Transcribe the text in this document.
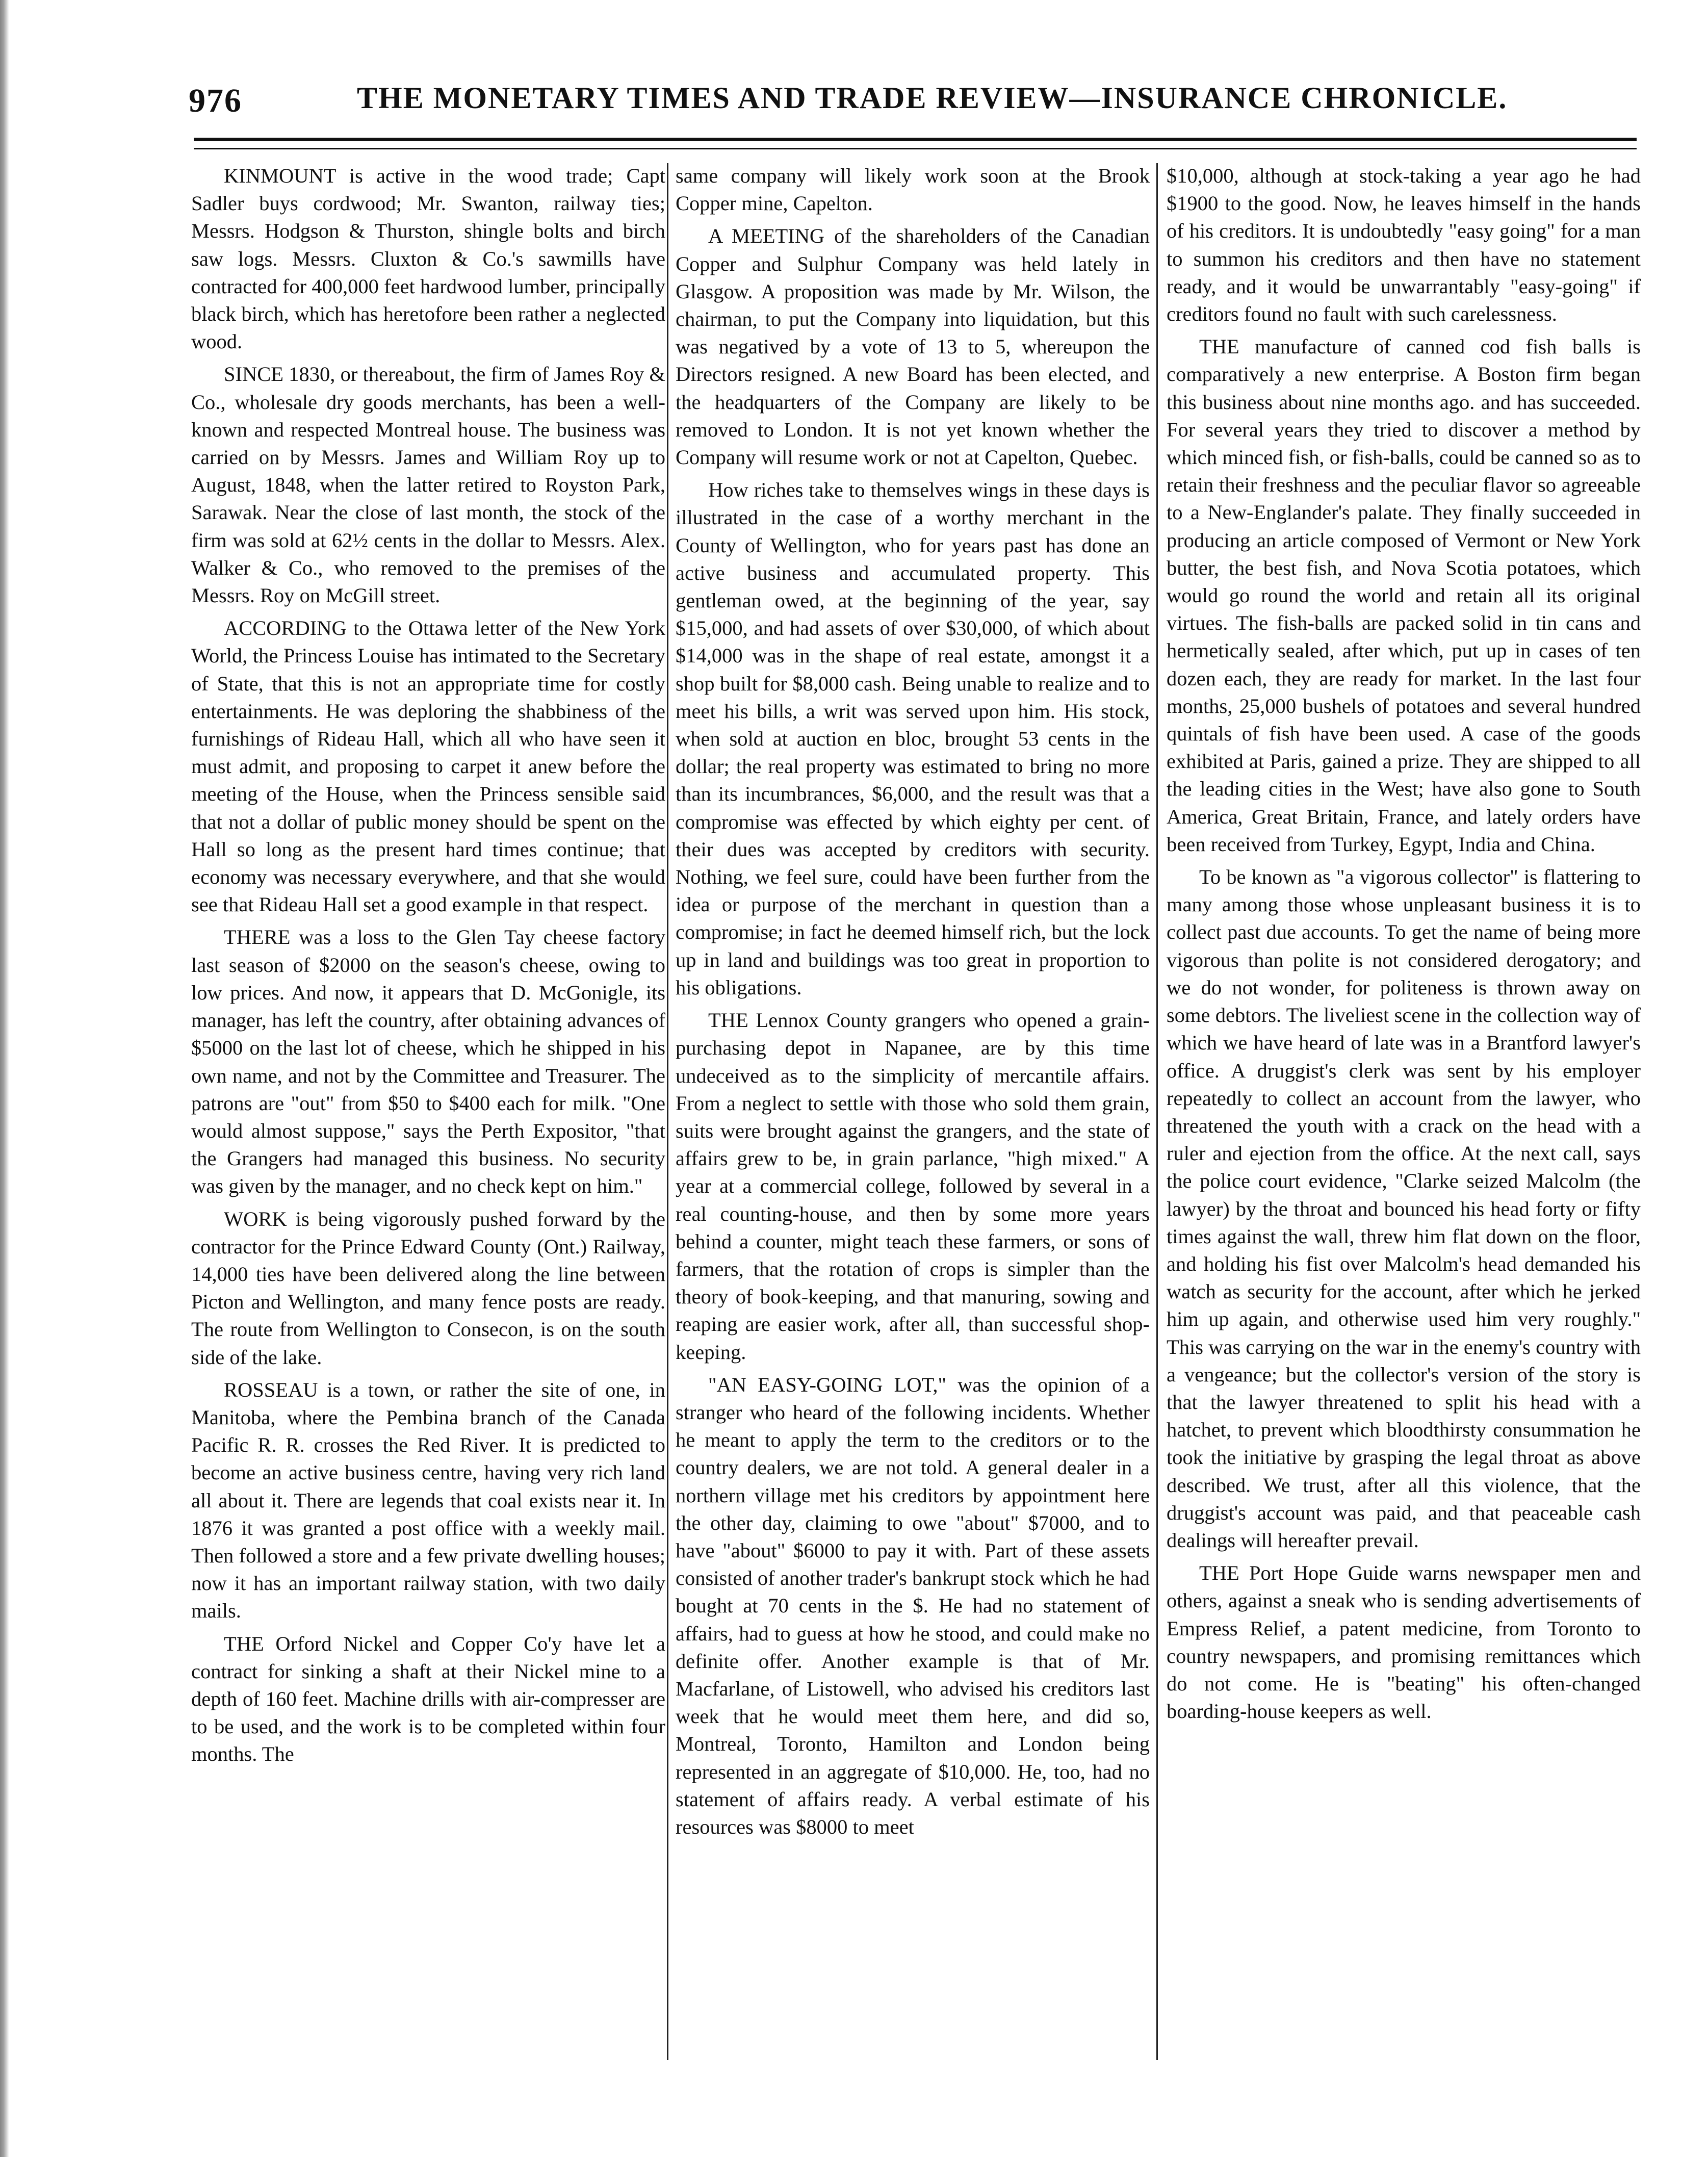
976	THE MONETARY TIMES AND TRADE REVIEW—INSURANCE CHRONICLE.

KINMOUNT is active in the wood trade; Capt Sadler buys cordwood; Mr. Swanton, railway ties; Messrs. Hodgson & Thurston, shingle bolts and birch saw logs. Messrs. Cluxton & Co.'s sawmills have contracted for 400,000 feet hardwood lumber, principally black birch, which has heretofore been rather a neglected wood.

SINCE 1830, or thereabout, the firm of James Roy & Co., wholesale dry goods merchants, has been a well-known and respected Montreal house. The business was carried on by Messrs. James and William Roy up to August, 1848, when the latter retired to Royston Park, Sarawak. Near the close of last month, the stock of the firm was sold at 62½ cents in the dollar to Messrs. Alex. Walker & Co., who removed to the premises of the Messrs. Roy on McGill street.

ACCORDING to the Ottawa letter of the New York World, the Princess Louise has intimated to the Secretary of State, that this is not an appropriate time for costly entertainments. He was deploring the shabbiness of the furnishings of Rideau Hall, which all who have seen it must admit, and proposing to carpet it anew before the meeting of the House, when the Princess sensible said that not a dollar of public money should be spent on the Hall so long as the present hard times continue; that economy was necessary everywhere, and that she would see that Rideau Hall set a good example in that respect.

THERE was a loss to the Glen Tay cheese factory last season of $2000 on the season's cheese, owing to low prices. And now, it appears that D. McGonigle, its manager, has left the country, after obtaining advances of $5000 on the last lot of cheese, which he shipped in his own name, and not by the Committee and Treasurer. The patrons are "out" from $50 to $400 each for milk. "One would almost suppose," says the Perth Expositor, "that the Grangers had managed this business. No security was given by the manager, and no check kept on him."

WORK is being vigorously pushed forward by the contractor for the Prince Edward County (Ont.) Railway, 14,000 ties have been delivered along the line between Picton and Wellington, and many fence posts are ready. The route from Wellington to Consecon, is on the south side of the lake.

ROSSEAU is a town, or rather the site of one, in Manitoba, where the Pembina branch of the Canada Pacific R. R. crosses the Red River. It is predicted to become an active business centre, having very rich land all about it. There are legends that coal exists near it. In 1876 it was granted a post office with a weekly mail. Then followed a store and a few private dwelling houses; now it has an important railway station, with two daily mails.

THE Orford Nickel and Copper Co'y have let a contract for sinking a shaft at their Nickel mine to a depth of 160 feet. Machine drills with air-compresser are to be used, and the work is to be completed within four months. The

same company will likely work soon at the Brook Copper mine, Capelton.

A MEETING of the shareholders of the Canadian Copper and Sulphur Company was held lately in Glasgow. A proposition was made by Mr. Wilson, the chairman, to put the Company into liquidation, but this was negatived by a vote of 13 to 5, whereupon the Directors resigned. A new Board has been elected, and the headquarters of the Company are likely to be removed to London. It is not yet known whether the Company will resume work or not at Capelton, Quebec.

How riches take to themselves wings in these days is illustrated in the case of a worthy merchant in the County of Wellington, who for years past has done an active business and accumulated property. This gentleman owed, at the beginning of the year, say $15,000, and had assets of over $30,000, of which about $14,000 was in the shape of real estate, amongst it a shop built for $8,000 cash. Being unable to realize and to meet his bills, a writ was served upon him. His stock, when sold at auction en bloc, brought 53 cents in the dollar; the real property was estimated to bring no more than its incumbrances, $6,000, and the result was that a compromise was effected by which eighty per cent. of their dues was accepted by creditors with security. Nothing, we feel sure, could have been further from the idea or purpose of the merchant in question than a compromise; in fact he deemed himself rich, but the lock up in land and buildings was too great in proportion to his obligations.

THE Lennox County grangers who opened a grain-purchasing depot in Napanee, are by this time undeceived as to the simplicity of mercantile affairs. From a neglect to settle with those who sold them grain, suits were brought against the grangers, and the state of affairs grew to be, in grain parlance, "high mixed." A year at a commercial college, followed by several in a real counting-house, and then by some more years behind a counter, might teach these farmers, or sons of farmers, that the rotation of crops is simpler than the theory of book-keeping, and that manuring, sowing and reaping are easier work, after all, than successful shop-keeping.

"AN EASY-GOING LOT," was the opinion of a stranger who heard of the following incidents. Whether he meant to apply the term to the creditors or to the country dealers, we are not told. A general dealer in a northern village met his creditors by appointment here the other day, claiming to owe "about" $7000, and to have "about" $6000 to pay it with. Part of these assets consisted of another trader's bankrupt stock which he had bought at 70 cents in the $. He had no statement of affairs, had to guess at how he stood, and could make no definite offer. Another example is that of Mr. Macfarlane, of Listowell, who advised his creditors last week that he would meet them here, and did so, Montreal, Toronto, Hamilton and London being represented in an aggregate of $10,000. He, too, had no statement of affairs ready. A verbal estimate of his resources was $8000 to meet

$10,000, although at stock-taking a year ago he had $1900 to the good. Now, he leaves himself in the hands of his creditors. It is undoubtedly "easy going" for a man to summon his creditors and then have no statement ready, and it would be unwarrantably "easy-going" if creditors found no fault with such carelessness.

THE manufacture of canned cod fish balls is comparatively a new enterprise. A Boston firm began this business about nine months ago. and has succeeded. For several years they tried to discover a method by which minced fish, or fish-balls, could be canned so as to retain their freshness and the peculiar flavor so agreeable to a New-Englander's palate. They finally succeeded in producing an article composed of Vermont or New York butter, the best fish, and Nova Scotia potatoes, which would go round the world and retain all its original virtues. The fish-balls are packed solid in tin cans and hermetically sealed, after which, put up in cases of ten dozen each, they are ready for market. In the last four months, 25,000 bushels of potatoes and several hundred quintals of fish have been used. A case of the goods exhibited at Paris, gained a prize. They are shipped to all the leading cities in the West; have also gone to South America, Great Britain, France, and lately orders have been received from Turkey, Egypt, India and China.

To be known as "a vigorous collector" is flattering to many among those whose unpleasant business it is to collect past due accounts. To get the name of being more vigorous than polite is not considered derogatory; and we do not wonder, for politeness is thrown away on some debtors. The liveliest scene in the collection way of which we have heard of late was in a Brantford lawyer's office. A druggist's clerk was sent by his employer repeatedly to collect an account from the lawyer, who threatened the youth with a crack on the head with a ruler and ejection from the office. At the next call, says the police court evidence, "Clarke seized Malcolm (the lawyer) by the throat and bounced his head forty or fifty times against the wall, threw him flat down on the floor, and holding his fist over Malcolm's head demanded his watch as security for the account, after which he jerked him up again, and otherwise used him very roughly." This was carrying on the war in the enemy's country with a vengeance; but the collector's version of the story is that the lawyer threatened to split his head with a hatchet, to prevent which bloodthirsty consummation he took the initiative by grasping the legal throat as above described. We trust, after all this violence, that the druggist's account was paid, and that peaceable cash dealings will hereafter prevail.

THE Port Hope Guide warns newspaper men and others, against a sneak who is sending advertisements of Empress Relief, a patent medicine, from Toronto to country newspapers, and promising remittances which do not come. He is "beating" his often-changed boarding-house keepers as well.
